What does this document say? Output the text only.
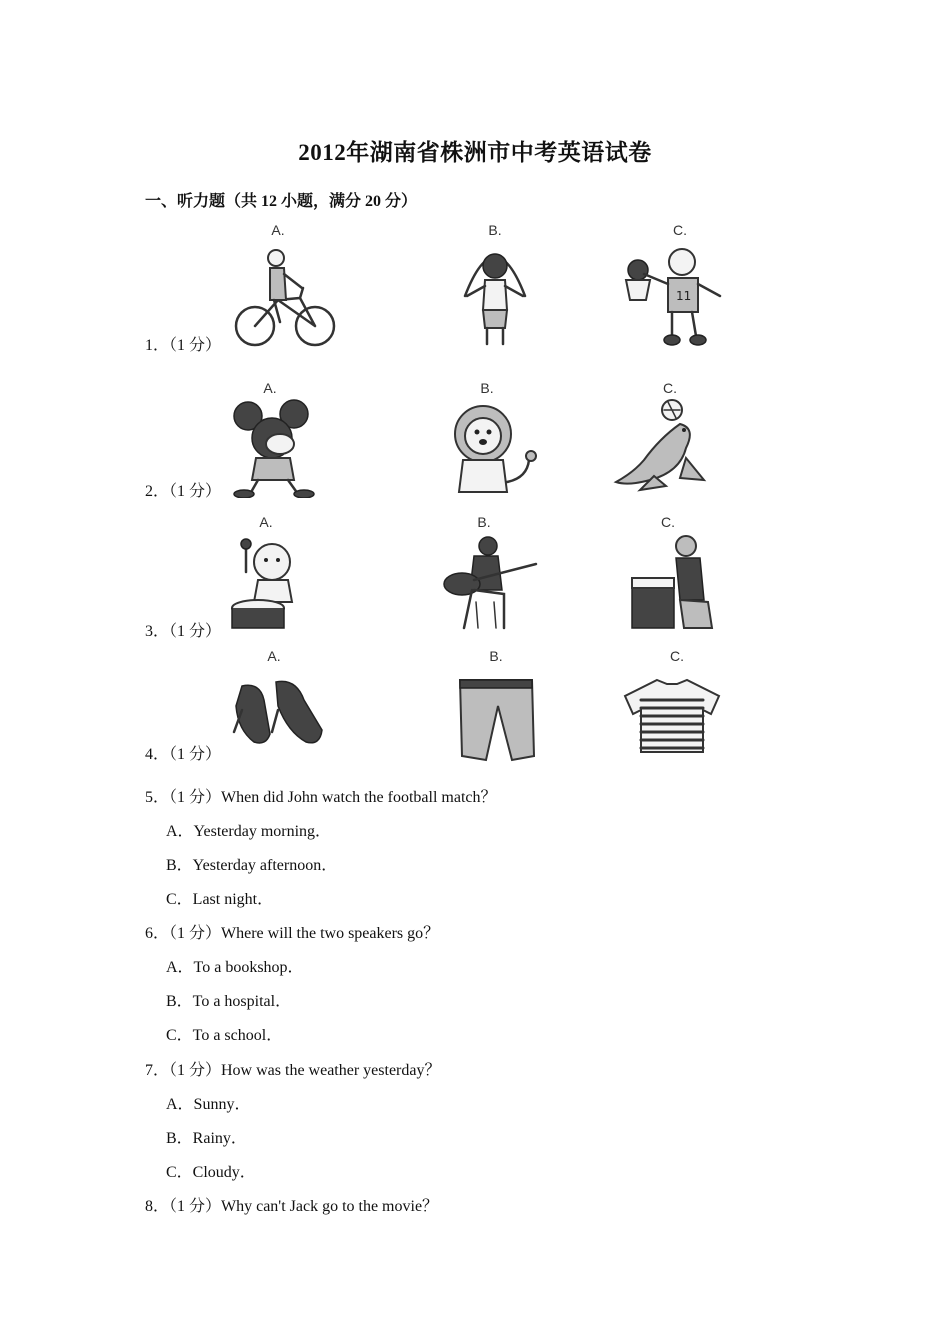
2012年湖南省株洲市中考英语试卷
一、听力题（共 12 小题，满分 20 分）
1．（1 分）
A.	B.	C.
11
2．（1 分）
A.	B.	C.
3．（1 分）
A.	B.	C.
4．（1 分）
A.	B.	C.
5．（1 分）When did John watch the football match？
A．Yesterday morning．
B．Yesterday afternoon．
C．Last night．
6．（1 分）Where will the two speakers go？
A．To a bookshop．
B．To a hospital．
C．To a school．
7．（1 分）How was the weather yesterday？
A．Sunny．
B．Rainy．
C．Cloudy．
8．（1 分）Why can't Jack go to the movie？
